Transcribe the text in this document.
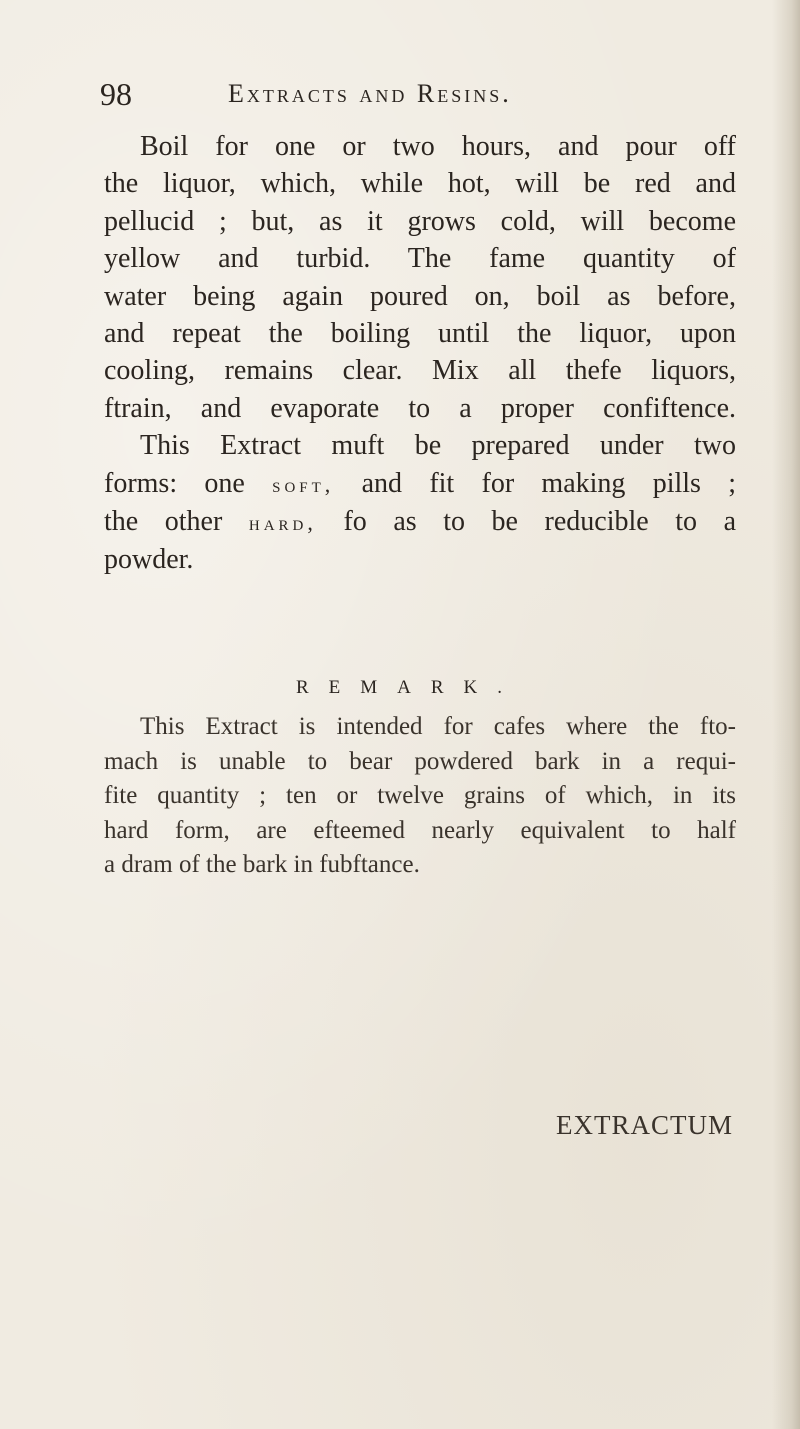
98	Extracts and Resins.
Boil for one or two hours, and pour off
the liquor, which, while hot, will be red and
pellucid ; but, as it grows cold, will become
yellow and turbid. The fame quantity of
water being again poured on, boil as before,
and repeat the boiling until the liquor, upon
cooling, remains clear. Mix all thefe liquors,
ftrain, and evaporate to a proper confiftence.
This Extract muft be prepared under two
forms: one soft, and fit for making pills ;
the other hard, fo as to be reducible to a
powder.
REMARK.
This Extract is intended for cafes where the fto-
mach is unable to bear powdered bark in a requi-
fite quantity ; ten or twelve grains of which, in its
hard form, are efteemed nearly equivalent to half
a dram of the bark in fubftance.
EXTRACTUM
